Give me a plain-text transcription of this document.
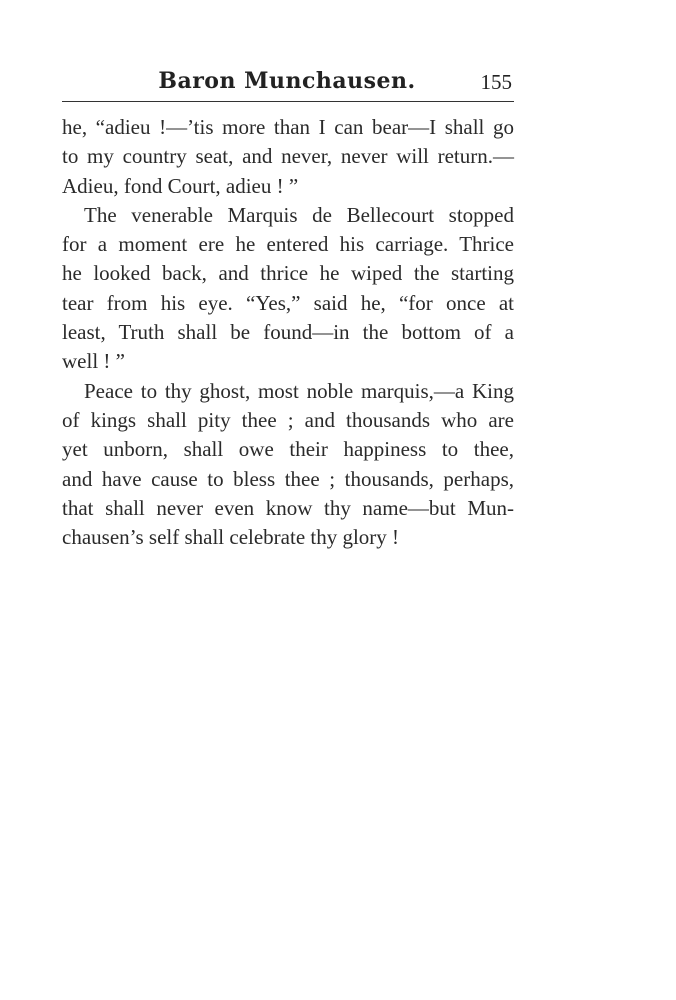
Baron Munchausen.	155

he, “adieu !—’tis more than I can bear—I shall go
to my country seat, and never, never will return.—
Adieu, fond Court, adieu ! ”

The venerable Marquis de Bellecourt stopped
for a moment ere he entered his carriage. Thrice
he looked back, and thrice he wiped the starting
tear from his eye. “Yes,” said he, “for once at
least, Truth shall be found—in the bottom of a
well ! ”

Peace to thy ghost, most noble marquis,—a King
of kings shall pity thee ; and thousands who are
yet unborn, shall owe their happiness to thee,
and have cause to bless thee ; thousands, perhaps,
that shall never even know thy name—but Mun-
chausen’s self shall celebrate thy glory !
